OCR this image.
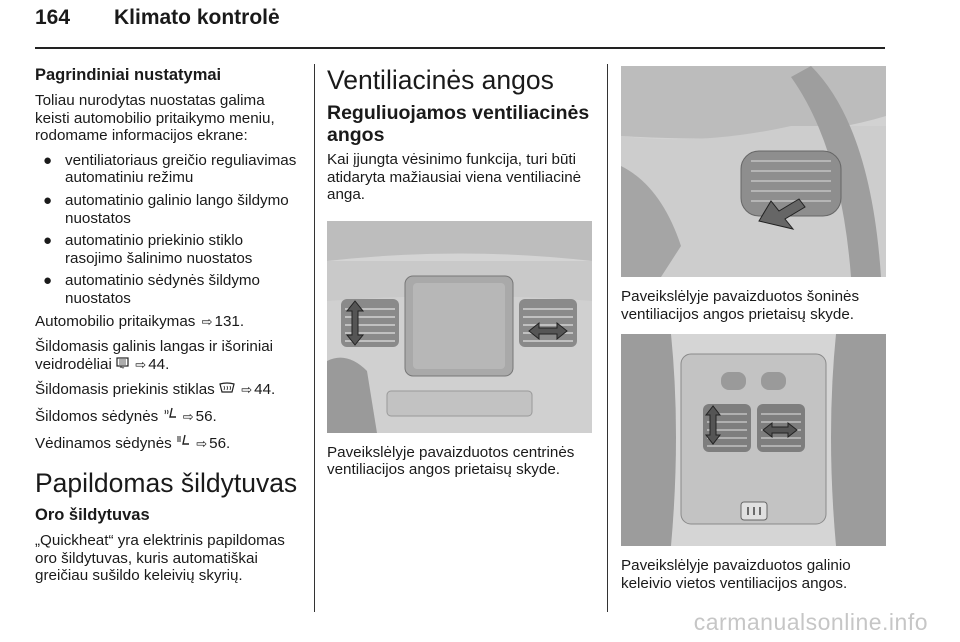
164 Klimato kontrolė
Pagrindiniai nustatymai

Toliau nurodytas nuostatas galima keisti automobilio pritaikymo meniu, rodomame informacijos ekrane:

● ventiliatoriaus greičio reguliavimas automatiniu režimu
● automatinio galinio lango šildymo nuostatos
● automatinio priekinio stiklo rasojimo šalinimo nuostatos
● automatinio sėdynės šildymo nuostatos

Automobilio pritaikymas ⇨ 131.

Šildomasis galinis langas ir išoriniai veidrodėliai ⇨ 44.

Šildomasis priekinis stiklas ⇨ 44.

Šildomos sėdynės ⇨ 56.

Vėdinamos sėdynės ⇨ 56.

Papildomas šildytuvas
Oro šildytuvas

„Quickheat“ yra elektrinis papildomas oro šildytuvas, kuris automatiškai greičiau sušildo keleivių skyrių.

Ventiliacinės angos
Reguliuojamos ventiliacinės angos

Kai įjungta vėsinimo funkcija, turi būti atidaryta mažiausiai viena ventiliacinė anga.

Paveikslėlyje pavaizduotos centrinės ventiliacijos angos prietaisų skyde.
Paveikslėlyje pavaizduotos šoninės ventiliacijos angos prietaisų skyde.
Paveikslėlyje pavaizduotos galinio keleivio vietos ventiliacijos angos.
carmanualsonline.info
